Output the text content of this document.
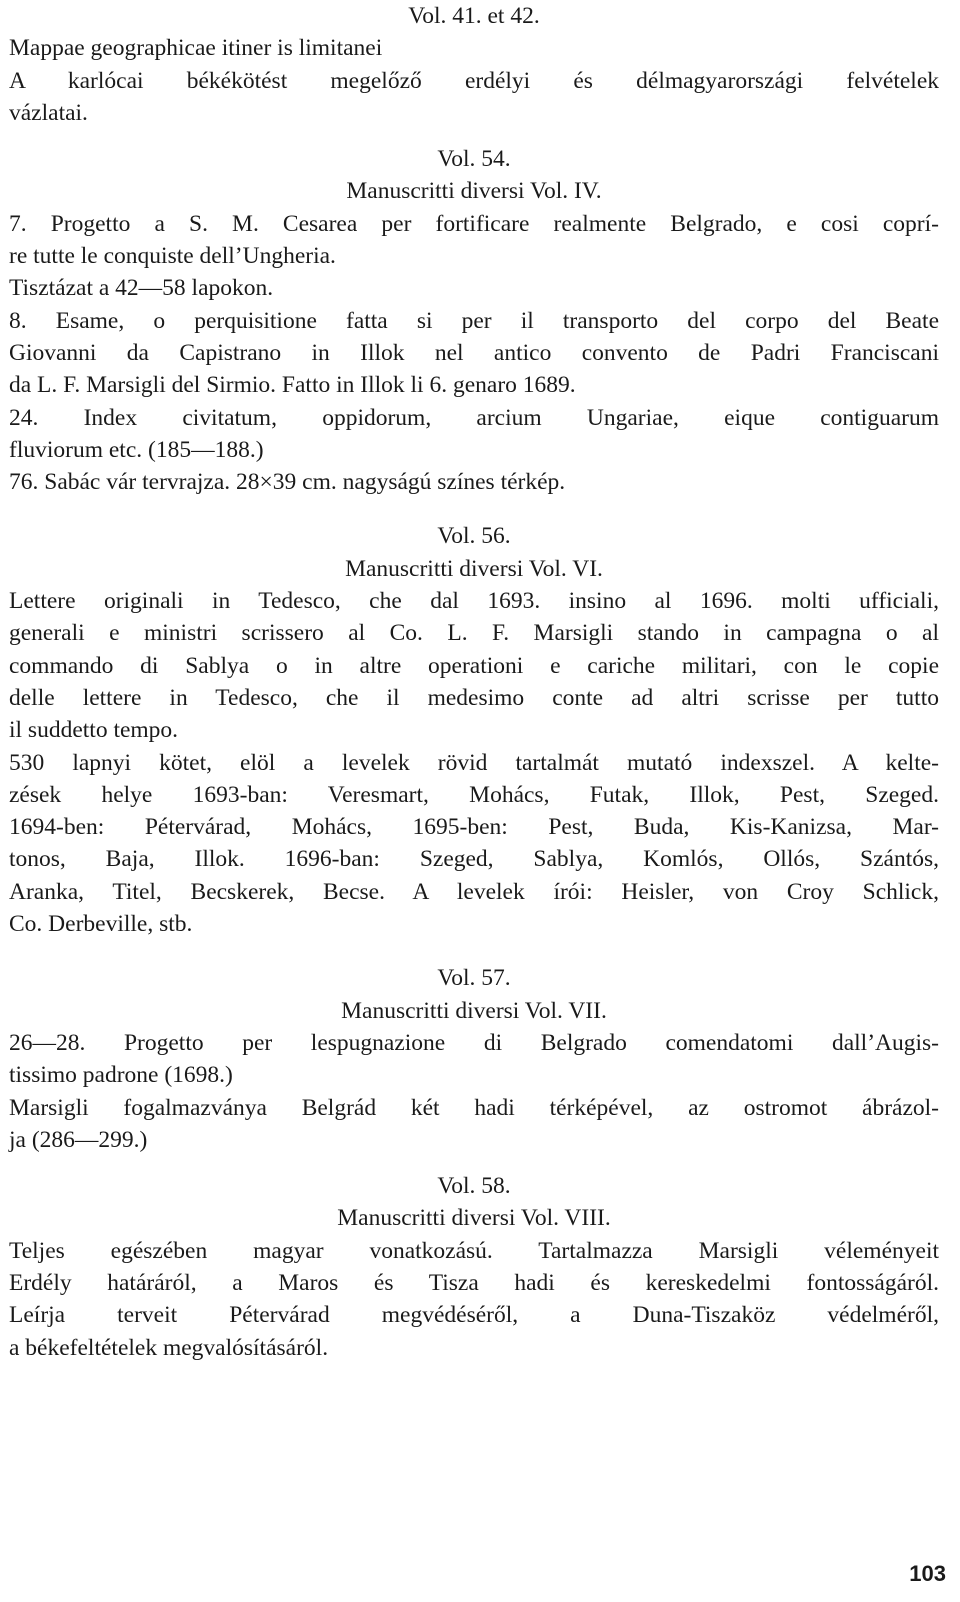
Vol. 41. et 42.
Mappae geographicae itiner is limitanei
A karlócai békékötést megelőző erdélyi és délmagyarországi felvételek
vázlatai.
Vol. 54.
Manuscritti diversi Vol. IV.
7. Progetto a S. M. Cesarea per fortificare realmente Belgrado, e cosi coprí-
re tutte le conquiste dell’Ungheria.
Tisztázat a 42—58 lapokon.
8. Esame, o perquisitione fatta si per il transporto del corpo del Beate
Giovanni da Capistrano in Illok nel antico convento de Padri Franciscani
da L. F. Marsigli del Sirmio. Fatto in Illok li 6. genaro 1689.
24. Index civitatum, oppidorum, arcium Ungariae, eique contiguarum
fluviorum etc. (185—188.)
76. Sabác vár tervrajza. 28×39 cm. nagyságú színes térkép.
Vol. 56.
Manuscritti diversi Vol. VI.
Lettere originali in Tedesco, che dal 1693. insino al 1696. molti ufficiali,
generali e ministri scrissero al Co. L. F. Marsigli stando in campagna o al
commando di Sablya o in altre operationi e cariche militari, con le copie
delle lettere in Tedesco, che il medesimo conte ad altri scrisse per tutto
il suddetto tempo.
530 lapnyi kötet, elöl a levelek rövid tartalmát mutató indexszel. A kelte-
zések helye 1693-ban: Veresmart, Mohács, Futak, Illok, Pest, Szeged.
1694-ben: Pétervárad, Mohács, 1695-ben: Pest, Buda, Kis-Kanizsa, Mar-
tonos, Baja, Illok. 1696-ban: Szeged, Sablya, Komlós, Ollós, Szántós,
Aranka, Titel, Becskerek, Becse. A levelek írói: Heisler, von Croy Schlick,
Co. Derbeville, stb.
Vol. 57.
Manuscritti diversi Vol. VII.
26—28. Progetto per lespugnazione di Belgrado comendatomi dall’Augis-
tissimo padrone (1698.)
Marsigli fogalmazványa Belgrád két hadi térképével, az ostromot ábrázol-
ja (286—299.)
Vol. 58.
Manuscritti diversi Vol. VIII.
Teljes egészében magyar vonatkozású. Tartalmazza Marsigli véleményeit
Erdély határáról, a Maros és Tisza hadi és kereskedelmi fontosságáról.
Leírja terveit Pétervárad megvédéséről, a Duna-Tiszaköz védelméről,
a békefeltételek megvalósításáról.
103
